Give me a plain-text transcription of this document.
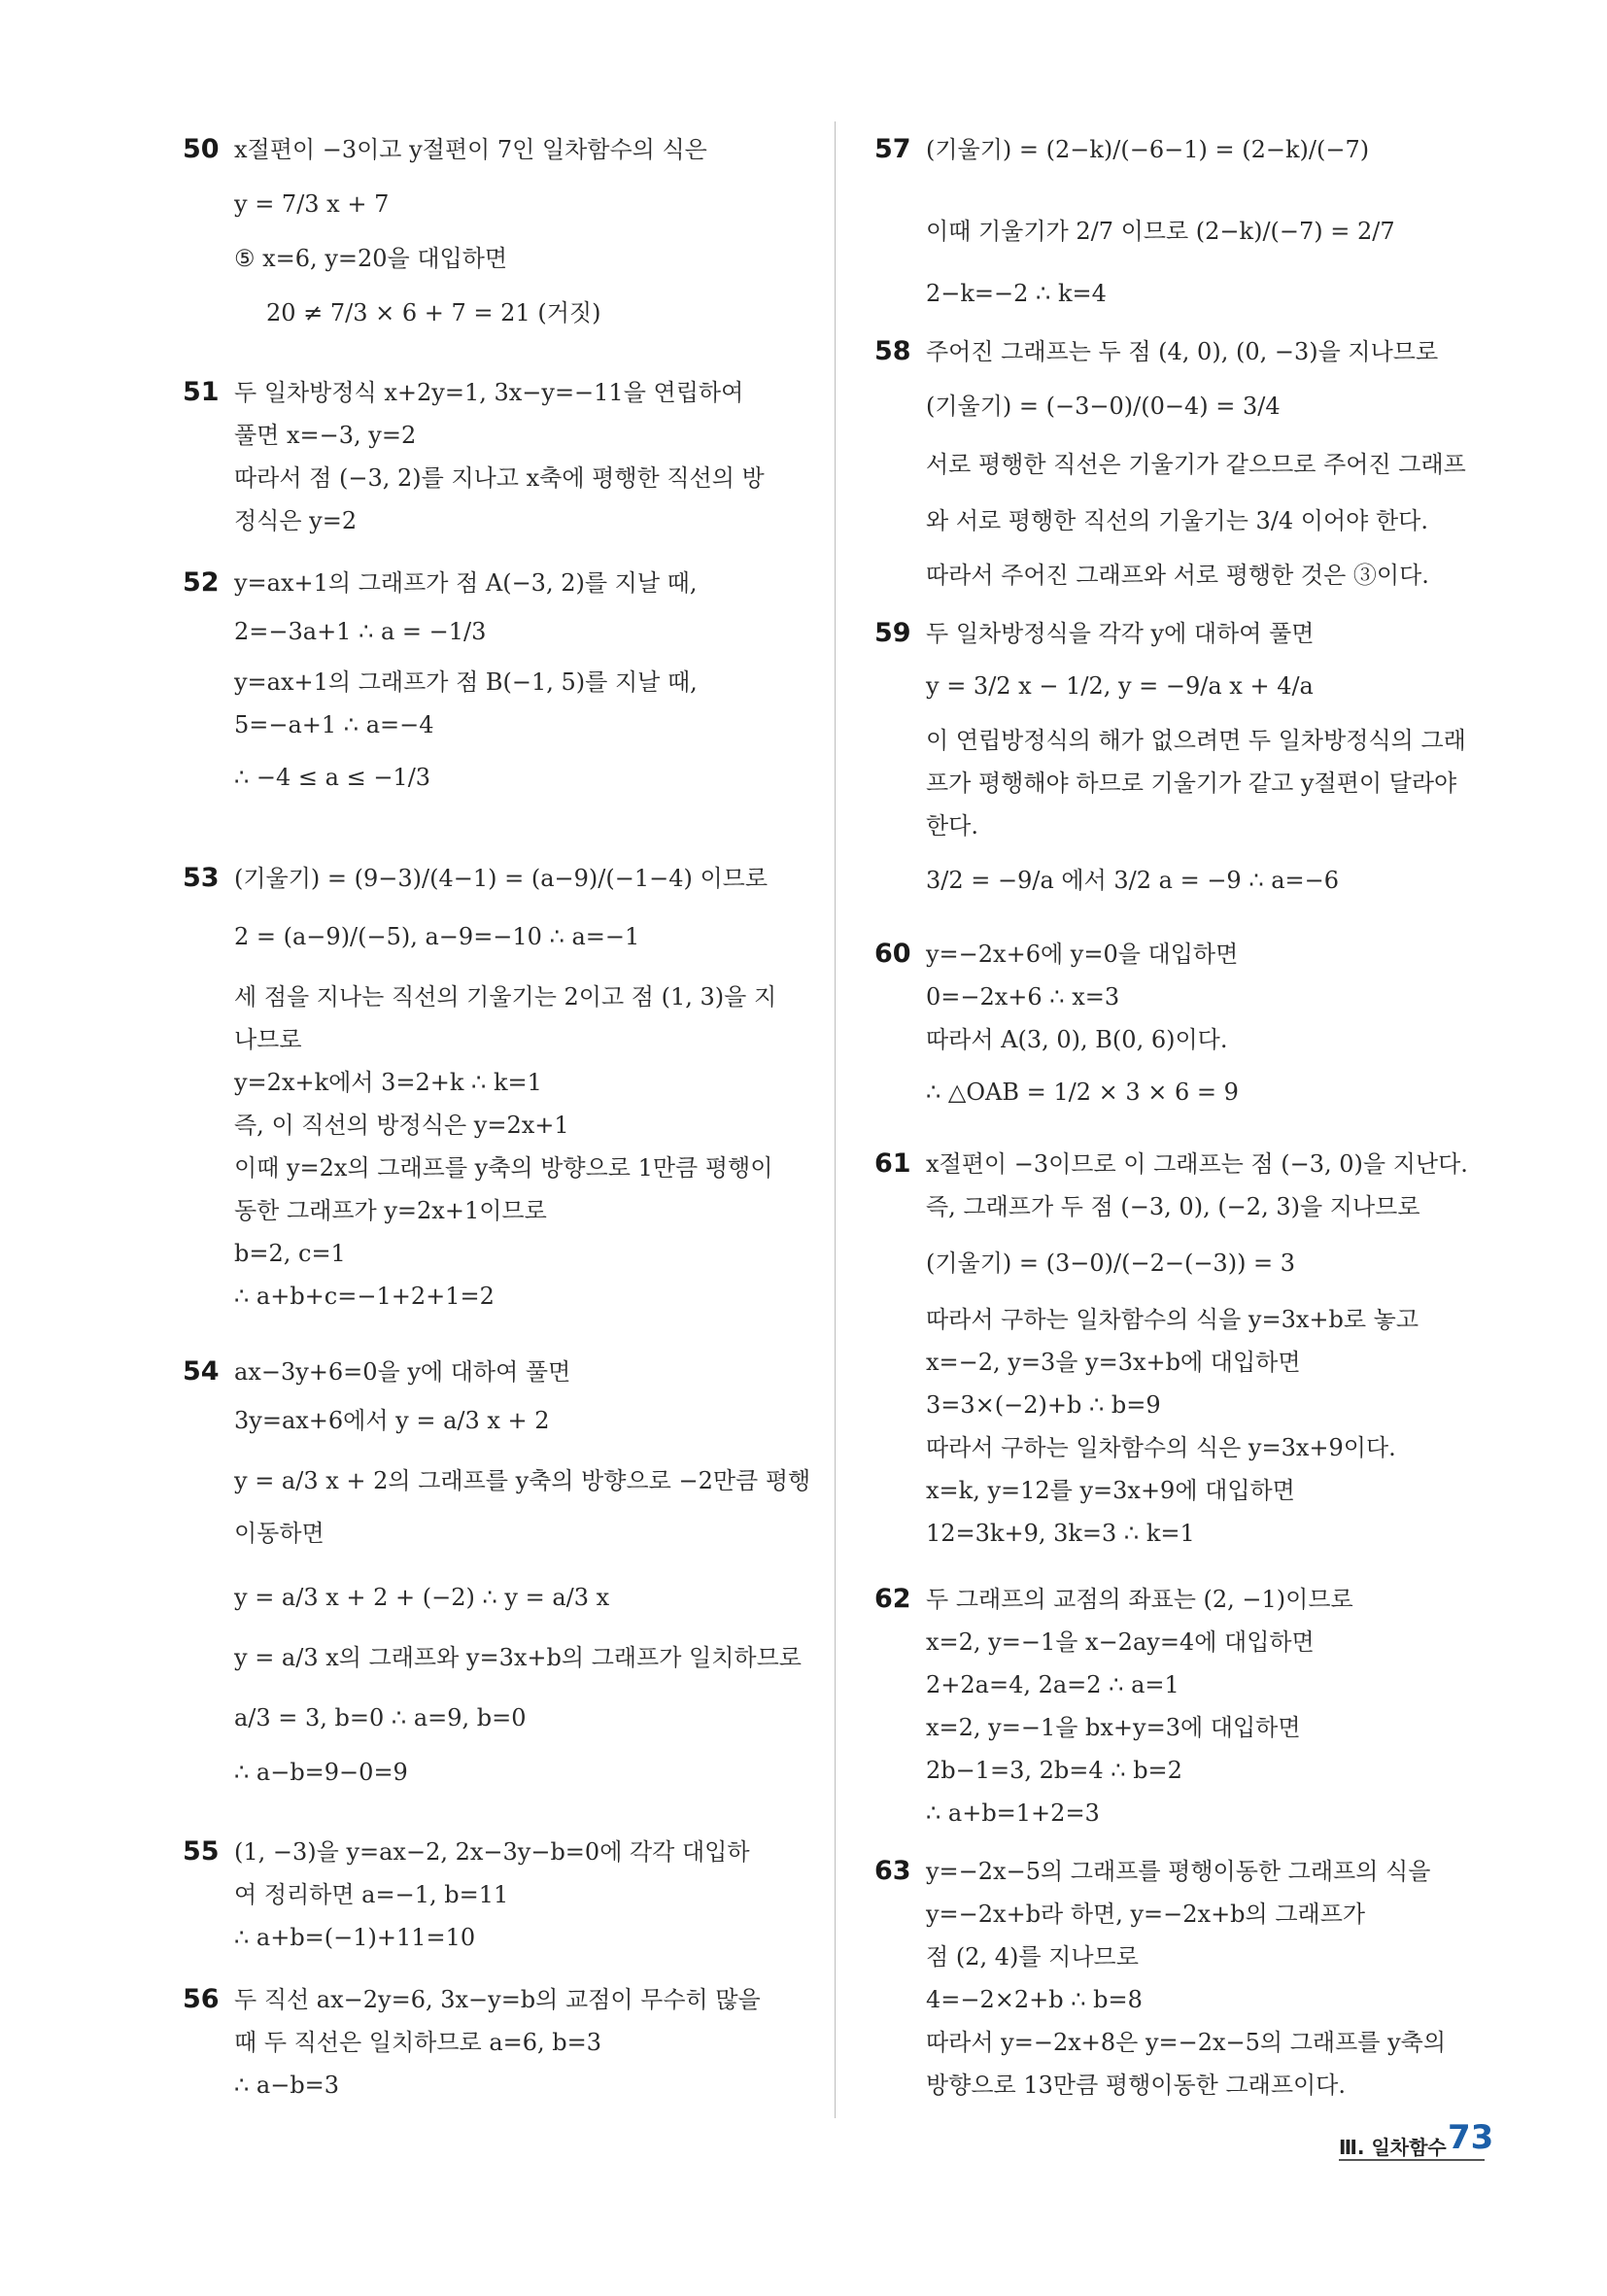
50 x절편이 −3이고 y절편이 7인 일차함수의 식은
y = 7/3 x + 7
⑤ x=6, y=20을 대입하면
20 ≠ 7/3 × 6 + 7 = 21 (거짓)
51 두 일차방정식 x+2y=1, 3x−y=−11을 연립하여
풀면 x=−3, y=2
따라서 점 (−3, 2)를 지나고 x축에 평행한 직선의 방
정식은 y=2
52 y=ax+1의 그래프가 점 A(−3, 2)를 지날 때,
2=−3a+1 ∴ a = −1/3
y=ax+1의 그래프가 점 B(−1, 5)를 지날 때,
5=−a+1 ∴ a=−4
∴ −4 ≤ a ≤ −1/3
53 (기울기) = (9−3)/(4−1) = (a−9)/(−1−4) 이므로
2 = (a−9)/(−5), a−9=−10 ∴ a=−1
세 점을 지나는 직선의 기울기는 2이고 점 (1, 3)을 지
나므로
y=2x+k에서 3=2+k ∴ k=1
즉, 이 직선의 방정식은 y=2x+1
이때 y=2x의 그래프를 y축의 방향으로 1만큼 평행이
동한 그래프가 y=2x+1이므로
b=2, c=1
∴ a+b+c=−1+2+1=2
54 ax−3y+6=0을 y에 대하여 풀면
3y=ax+6에서 y = a/3 x + 2
y = a/3 x + 2의 그래프를 y축의 방향으로 −2만큼 평행
이동하면
y = a/3 x + 2 + (−2) ∴ y = a/3 x
y = a/3 x의 그래프와 y=3x+b의 그래프가 일치하므로
a/3 = 3, b=0 ∴ a=9, b=0
∴ a−b=9−0=9
55 (1, −3)을 y=ax−2, 2x−3y−b=0에 각각 대입하
여 정리하면 a=−1, b=11
∴ a+b=(−1)+11=10
56 두 직선 ax−2y=6, 3x−y=b의 교점이 무수히 많을
때 두 직선은 일치하므로 a=6, b=3
∴ a−b=3
57 (기울기) = (2−k)/(−6−1) = (2−k)/(−7)
이때 기울기가 2/7 이므로 (2−k)/(−7) = 2/7
2−k=−2 ∴ k=4
58 주어진 그래프는 두 점 (4, 0), (0, −3)을 지나므로
(기울기) = (−3−0)/(0−4) = 3/4
서로 평행한 직선은 기울기가 같으므로 주어진 그래프
와 서로 평행한 직선의 기울기는 3/4 이어야 한다.
따라서 주어진 그래프와 서로 평행한 것은 ③이다.
59 두 일차방정식을 각각 y에 대하여 풀면
y = 3/2 x − 1/2, y = −9/a x + 4/a
이 연립방정식의 해가 없으려면 두 일차방정식의 그래
프가 평행해야 하므로 기울기가 같고 y절편이 달라야
한다.
3/2 = −9/a 에서 3/2 a = −9 ∴ a=−6
60 y=−2x+6에 y=0을 대입하면
0=−2x+6 ∴ x=3
따라서 A(3, 0), B(0, 6)이다.
∴ △OAB = 1/2 × 3 × 6 = 9
61 x절편이 −3이므로 이 그래프는 점 (−3, 0)을 지난다.
즉, 그래프가 두 점 (−3, 0), (−2, 3)을 지나므로
(기울기) = (3−0)/(−2−(−3)) = 3
따라서 구하는 일차함수의 식을 y=3x+b로 놓고
x=−2, y=3을 y=3x+b에 대입하면
3=3×(−2)+b ∴ b=9
따라서 구하는 일차함수의 식은 y=3x+9이다.
x=k, y=12를 y=3x+9에 대입하면
12=3k+9, 3k=3 ∴ k=1
62 두 그래프의 교점의 좌표는 (2, −1)이므로
x=2, y=−1을 x−2ay=4에 대입하면
2+2a=4, 2a=2 ∴ a=1
x=2, y=−1을 bx+y=3에 대입하면
2b−1=3, 2b=4 ∴ b=2
∴ a+b=1+2=3
63 y=−2x−5의 그래프를 평행이동한 그래프의 식을
y=−2x+b라 하면, y=−2x+b의 그래프가
점 (2, 4)를 지나므로
4=−2×2+b ∴ b=8
따라서 y=−2x+8은 y=−2x−5의 그래프를 y축의
방향으로 13만큼 평행이동한 그래프이다.
Ⅲ. 일차함수 73
